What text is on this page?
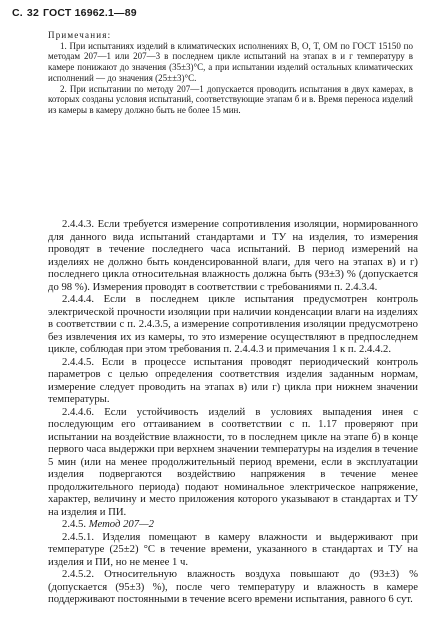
С. 32 ГОСТ 16962.1—89
Примечания:

1. При испытаниях изделий в климатических исполнениях В, О, Т, ОМ по ГОСТ 15150 по методам 207—1 или 207—3 в последнем цикле испытаний на этапах в и г температуру в камере понижают до значения (35±3)°С, а при испытании изделий остальных климатических исполнений — до значения (25±±3)°С.

2. При испытании по методу 207—1 допускается проводить испытания в двух камерах, в которых созданы условия испытаний, соответствующие этапам б и в. Время переноса изделий из камеры в камеру должно быть не более 15 мин.

2.4.4.3. Если требуется измерение сопротивления изоляции, нормированного для данного вида испытаний стандартами и ТУ на изделия, то измерения проводят в течение последнего часа испытаний. В период измерений на изделиях не должно быть конденсированной влаги, для чего на этапах в) и г) последнего цикла относительная влажность должна быть (93±3) % (допускается до 98 %). Измерения проводят в соответствии с требованиями п. 2.4.3.4.

2.4.4.4. Если в последнем цикле испытания предусмотрен контроль электрической прочности изоляции при наличии конденсации влаги на изделиях в соответствии с п. 2.4.3.5, а измерение сопротивления изоляции предусмотрено без извлечения их из камеры, то это измерение осуществляют в предпоследнем цикле, соблюдая при этом требования п. 2.4.4.3 и примечания 1 к п. 2.4.4.2.

2.4.4.5. Если в процессе испытания проводят периодический контроль параметров с целью определения соответствия изделия заданным нормам, измерение следует проводить на этапах в) или г) цикла при нижнем значении температуры.

2.4.4.6. Если устойчивость изделий в условиях выпадения инея с последующим его оттаиванием в соответствии с п. 1.17 проверяют при испытании на воздействие влажности, то в последнем цикле на этапе б) в конце первого часа выдержки при верхнем значении температуры на изделия в течение 5 мин (или на менее продолжительный период времени, если в эксплуатации изделия подвергаются воздействию напряжения в течение менее продолжительного периода) подают номинальное электрическое напряжение, характер, величину и место приложения которого указывают в стандартах и ТУ на изделия и ПИ.

2.4.5. Метод 207—2

2.4.5.1. Изделия помещают в камеру влажности и выдерживают при температуре (25±2) °С в течение времени, указанного в стандартах и ТУ на изделия и ПИ, но не менее 1 ч.

2.4.5.2. Относительную влажность воздуха повышают до (93±3) % (допускается (95±3) %), после чего температуру и влажность в камере поддерживают постоянными в течение всего времени испытания, равного 6 сут.
